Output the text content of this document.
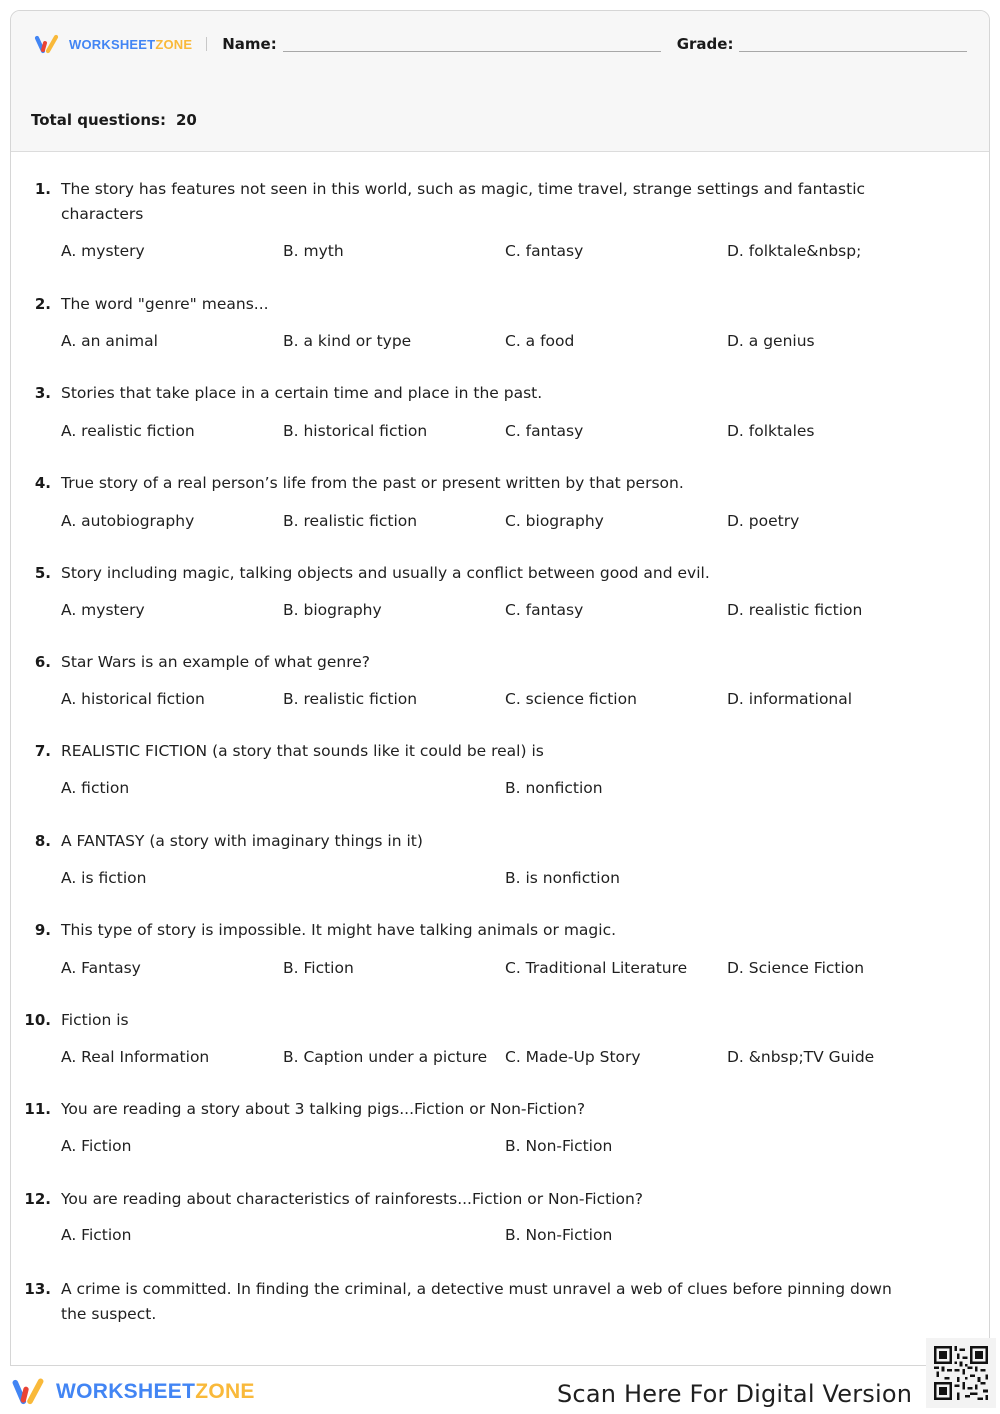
WORKSHEETZONE Name:	Grade:
Total questions: 20
1. The story has features not seen in this world, such as magic, time travel, strange settings and fantastic characters
A. mystery	B. myth	C. fantasy	D. folktale&nbsp;
2. The word "genre" means...
A. an animal	B. a kind or type	C. a food	D. a genius
3. Stories that take place in a certain time and place in the past.
A. realistic fiction	B. historical fiction	C. fantasy	D. folktales
4. True story of a real person’s life from the past or present written by that person.
A. autobiography	B. realistic fiction	C. biography	D. poetry
5. Story including magic, talking objects and usually a conflict between good and evil.
A. mystery	B. biography	C. fantasy	D. realistic fiction
6. Star Wars is an example of what genre?
A. historical fiction	B. realistic fiction	C. science fiction	D. informational
7. REALISTIC FICTION (a story that sounds like it could be real) is
A. fiction	B. nonfiction
8. A FANTASY (a story with imaginary things in it)
A. is fiction	B. is nonfiction
9. This type of story is impossible. It might have talking animals or magic.
A. Fantasy	B. Fiction	C. Traditional Literature	D. Science Fiction
10. Fiction is
A. Real Information	B. Caption under a picture C. Made-Up Story	D. &nbsp;TV Guide
11. You are reading a story about 3 talking pigs...Fiction or Non-Fiction?
A. Fiction	B. Non-Fiction
12. You are reading about characteristics of rainforests...Fiction or Non-Fiction?
A. Fiction	B. Non-Fiction
13. A crime is committed. In finding the criminal, a detective must unravel a web of clues before pinning down the suspect.
WORKSHEETZONE	Scan Here For Digital Version
